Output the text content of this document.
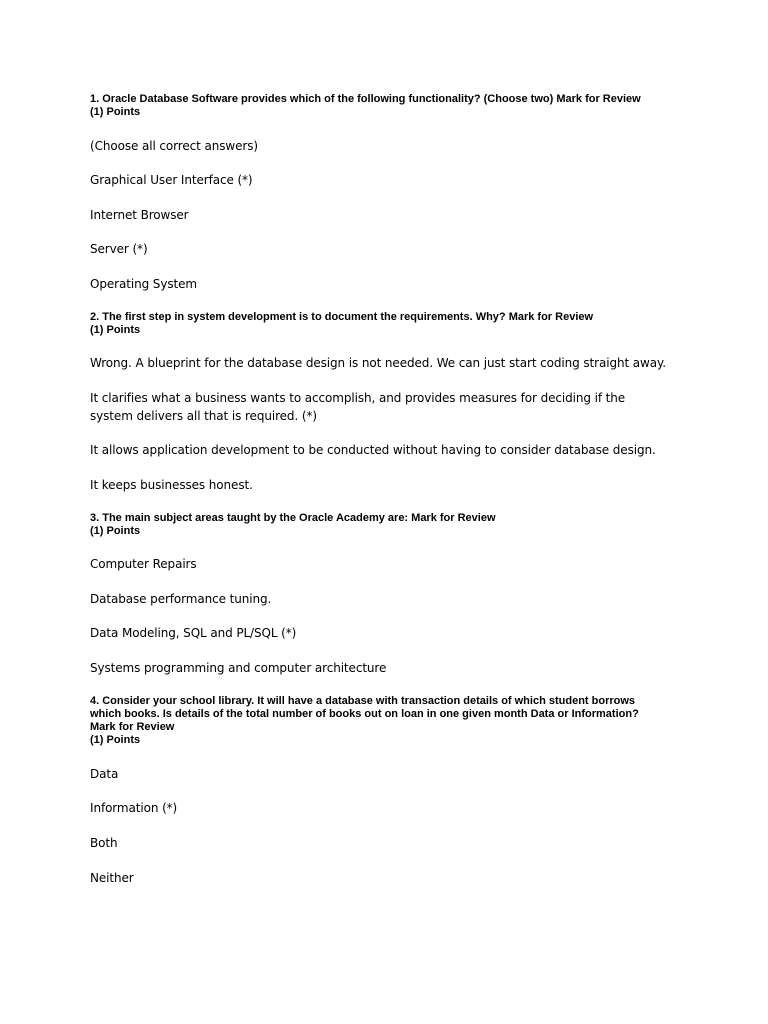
1. Oracle Database Software provides which of the following functionality? (Choose two) Mark for Review

(1) Points

(Choose all correct answers)

Graphical User Interface (*)

Internet Browser

Server (*)

Operating System

2. The first step in system development is to document the requirements. Why? Mark for Review

(1) Points

Wrong. A blueprint for the database design is not needed. We can just start coding straight away.

It clarifies what a business wants to accomplish, and provides measures for deciding if the system delivers all that is required. (*)

It allows application development to be conducted without having to consider database design.

It keeps businesses honest.

3. The main subject areas taught by the Oracle Academy are: Mark for Review

(1) Points

Computer Repairs

Database performance tuning.

Data Modeling, SQL and PL/SQL (*)

Systems programming and computer architecture

4. Consider your school library. It will have a database with transaction details of which student borrows which books. Is details of the total number of books out on loan in one given month Data or Information? Mark for Review

(1) Points

Data

Information (*)

Both

Neither
